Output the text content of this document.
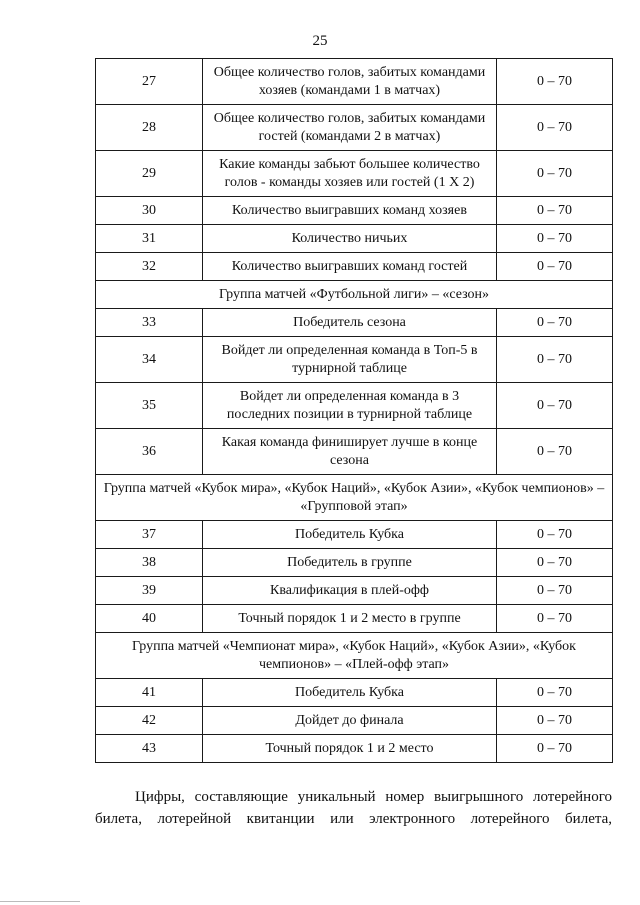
25
27	Общее количество голов, забитых командами хозяев (командами 1 в матчах)	0 – 70
28	Общее количество голов, забитых командами гостей (командами 2 в матчах)	0 – 70
29	Какие команды забьют большее количество голов - команды хозяев или гостей (1 Х 2)	0 – 70
30	Количество выигравших команд хозяев	0 – 70
31	Количество ничьих	0 – 70
32	Количество выигравших команд гостей	0 – 70
Группа матчей «Футбольной лиги» – «сезон»		
33	Победитель сезона	0 – 70
34	Войдет ли определенная команда в Топ-5 в турнирной таблице	0 – 70
35	Войдет ли определенная команда в 3 последних позиции в турнирной таблице	0 – 70
36	Какая команда финиширует лучше в конце сезона	0 – 70
Группа матчей «Кубок мира», «Кубок Наций», «Кубок Азии», «Кубок чемпионов» – «Групповой этап»		
37	Победитель Кубка	0 – 70
38	Победитель в группе	0 – 70
39	Квалификация в плей-офф	0 – 70
40	Точный порядок 1 и 2 место в группе	0 – 70
Группа матчей «Чемпионат мира», «Кубок Наций», «Кубок Азии», «Кубок чемпионов» – «Плей-офф этап»		
41	Победитель Кубка	0 – 70
42	Дойдет до финала	0 – 70
43	Точный порядок 1 и 2 место	0 – 70
Цифры, составляющие уникальный номер выигрышного лотерейного
билета, лотерейной квитанции или электронного лотерейного билета,
